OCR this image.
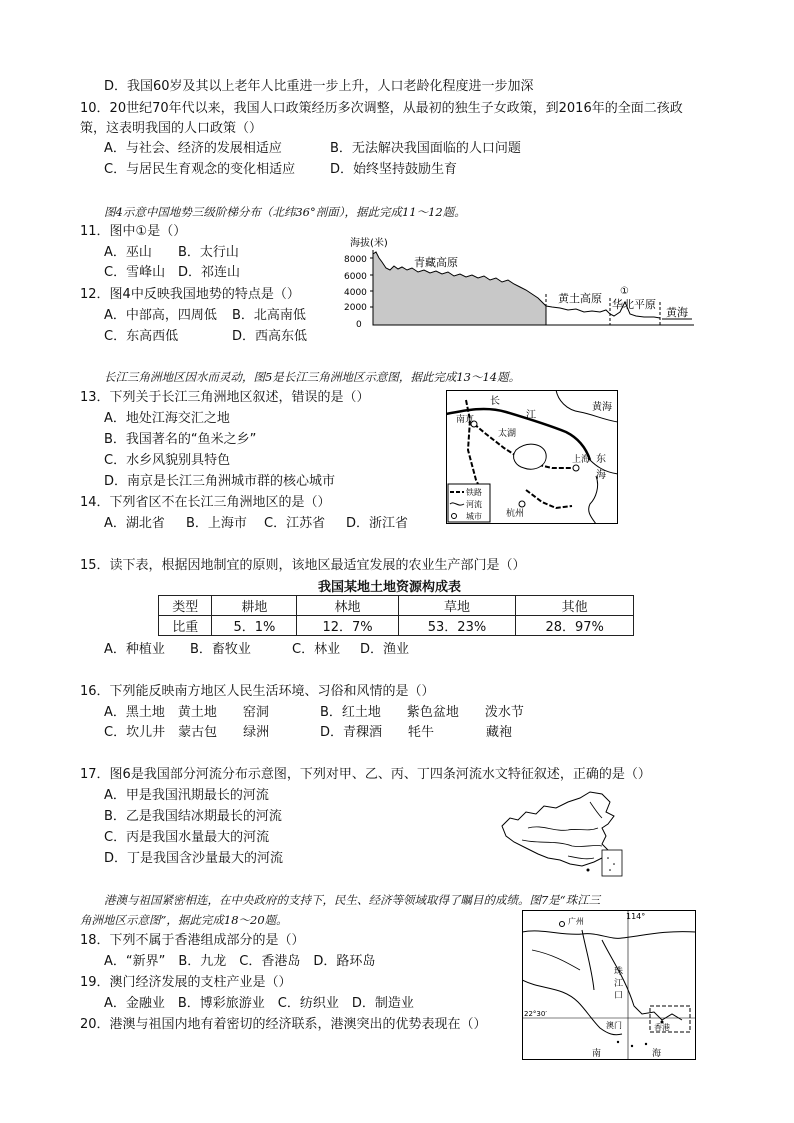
D．我国60岁及其以上老年人比重进一步上升，人口老龄化程度进一步加深
10．20世纪70年代以来，我国人口政策经历多次调整，从最初的独生子女政策，到2016年的全面二孩政
策，这表明我国的人口政策（）
A．与社会、经济的发展相适应	B．无法解决我国面临的人口问题
C．与居民生育观念的变化相适应	D．始终坚持鼓励生育
图4示意中国地势三级阶梯分布（北纬36°剖面），据此完成11～12题。
11．图中①是（）
A．巫山 B．太行山
C．雪峰山 D．祁连山
12．图4中反映我国地势的特点是（）
A．中部高，四周低 B．北高南低
C．东高西低	D．西高东低
海拔(米)
8000
6000
4000
2000
0
青藏高原
黄土高原
①
华北平原
黄海
长江三角洲地区因水而灵动，图5是长江三角洲地区示意图，据此完成13～14题。
13．下列关于长江三角洲地区叙述，错误的是（）
A．地处江海交汇之地
B．我国著名的“鱼米之乡”
C．水乡风貌别具特色
D．南京是长江三角洲城市群的核心城市
14．下列省区不在长江三角洲地区的是（）
A．湖北省 B．上海市 C．江苏省 D．浙江省
长
江
黄 海
南京
太湖
东
海
上海
杭州
铁路
河流
城市
15．读下表，根据因地制宜的原则，该地区最适宜发展的农业生产部门是（）
我国某地土地资源构成表
类型	耕地	林地	草地	其他
比重	5．1%	12．7%	53．23%	28．97%
A．种植业 B．畜牧业	C．林业 D．渔业
16．下列能反映南方地区人民生活环境、习俗和风情的是（）
A．黑土地　黄土地　　窑洞	B．红土地　　紫色盆地　　泼水节
C．坎儿井　蒙古包　　绿洲	D．青稞酒　　牦牛　　　　藏袍
17．图6是我国部分河流分布示意图，下列对甲、乙、丙、丁四条河流水文特征叙述，正确的是（）
A．甲是我国汛期最长的河流
B．乙是我国结冰期最长的河流
C．丙是我国水量最大的河流
D．丁是我国含沙量最大的河流
港澳与祖国紧密相连，在中央政府的支持下，民生、经济等领域取得了瞩目的成绩。图7是“珠江三
角洲地区示意图”，据此完成18～20题。
18．下列不属于香港组成部分的是（）
A．“新界”　B．九龙　C．香港岛　D．路环岛
19．澳门经济发展的支柱产业是（）
A．金融业　B．博彩旅游业　C．纺织业　D．制造业
20．港澳与祖国内地有着密切的经济联系，港澳突出的优势表现在（）
广州
114°
珠
江
口
22°30′
澳门	香港
南	海
